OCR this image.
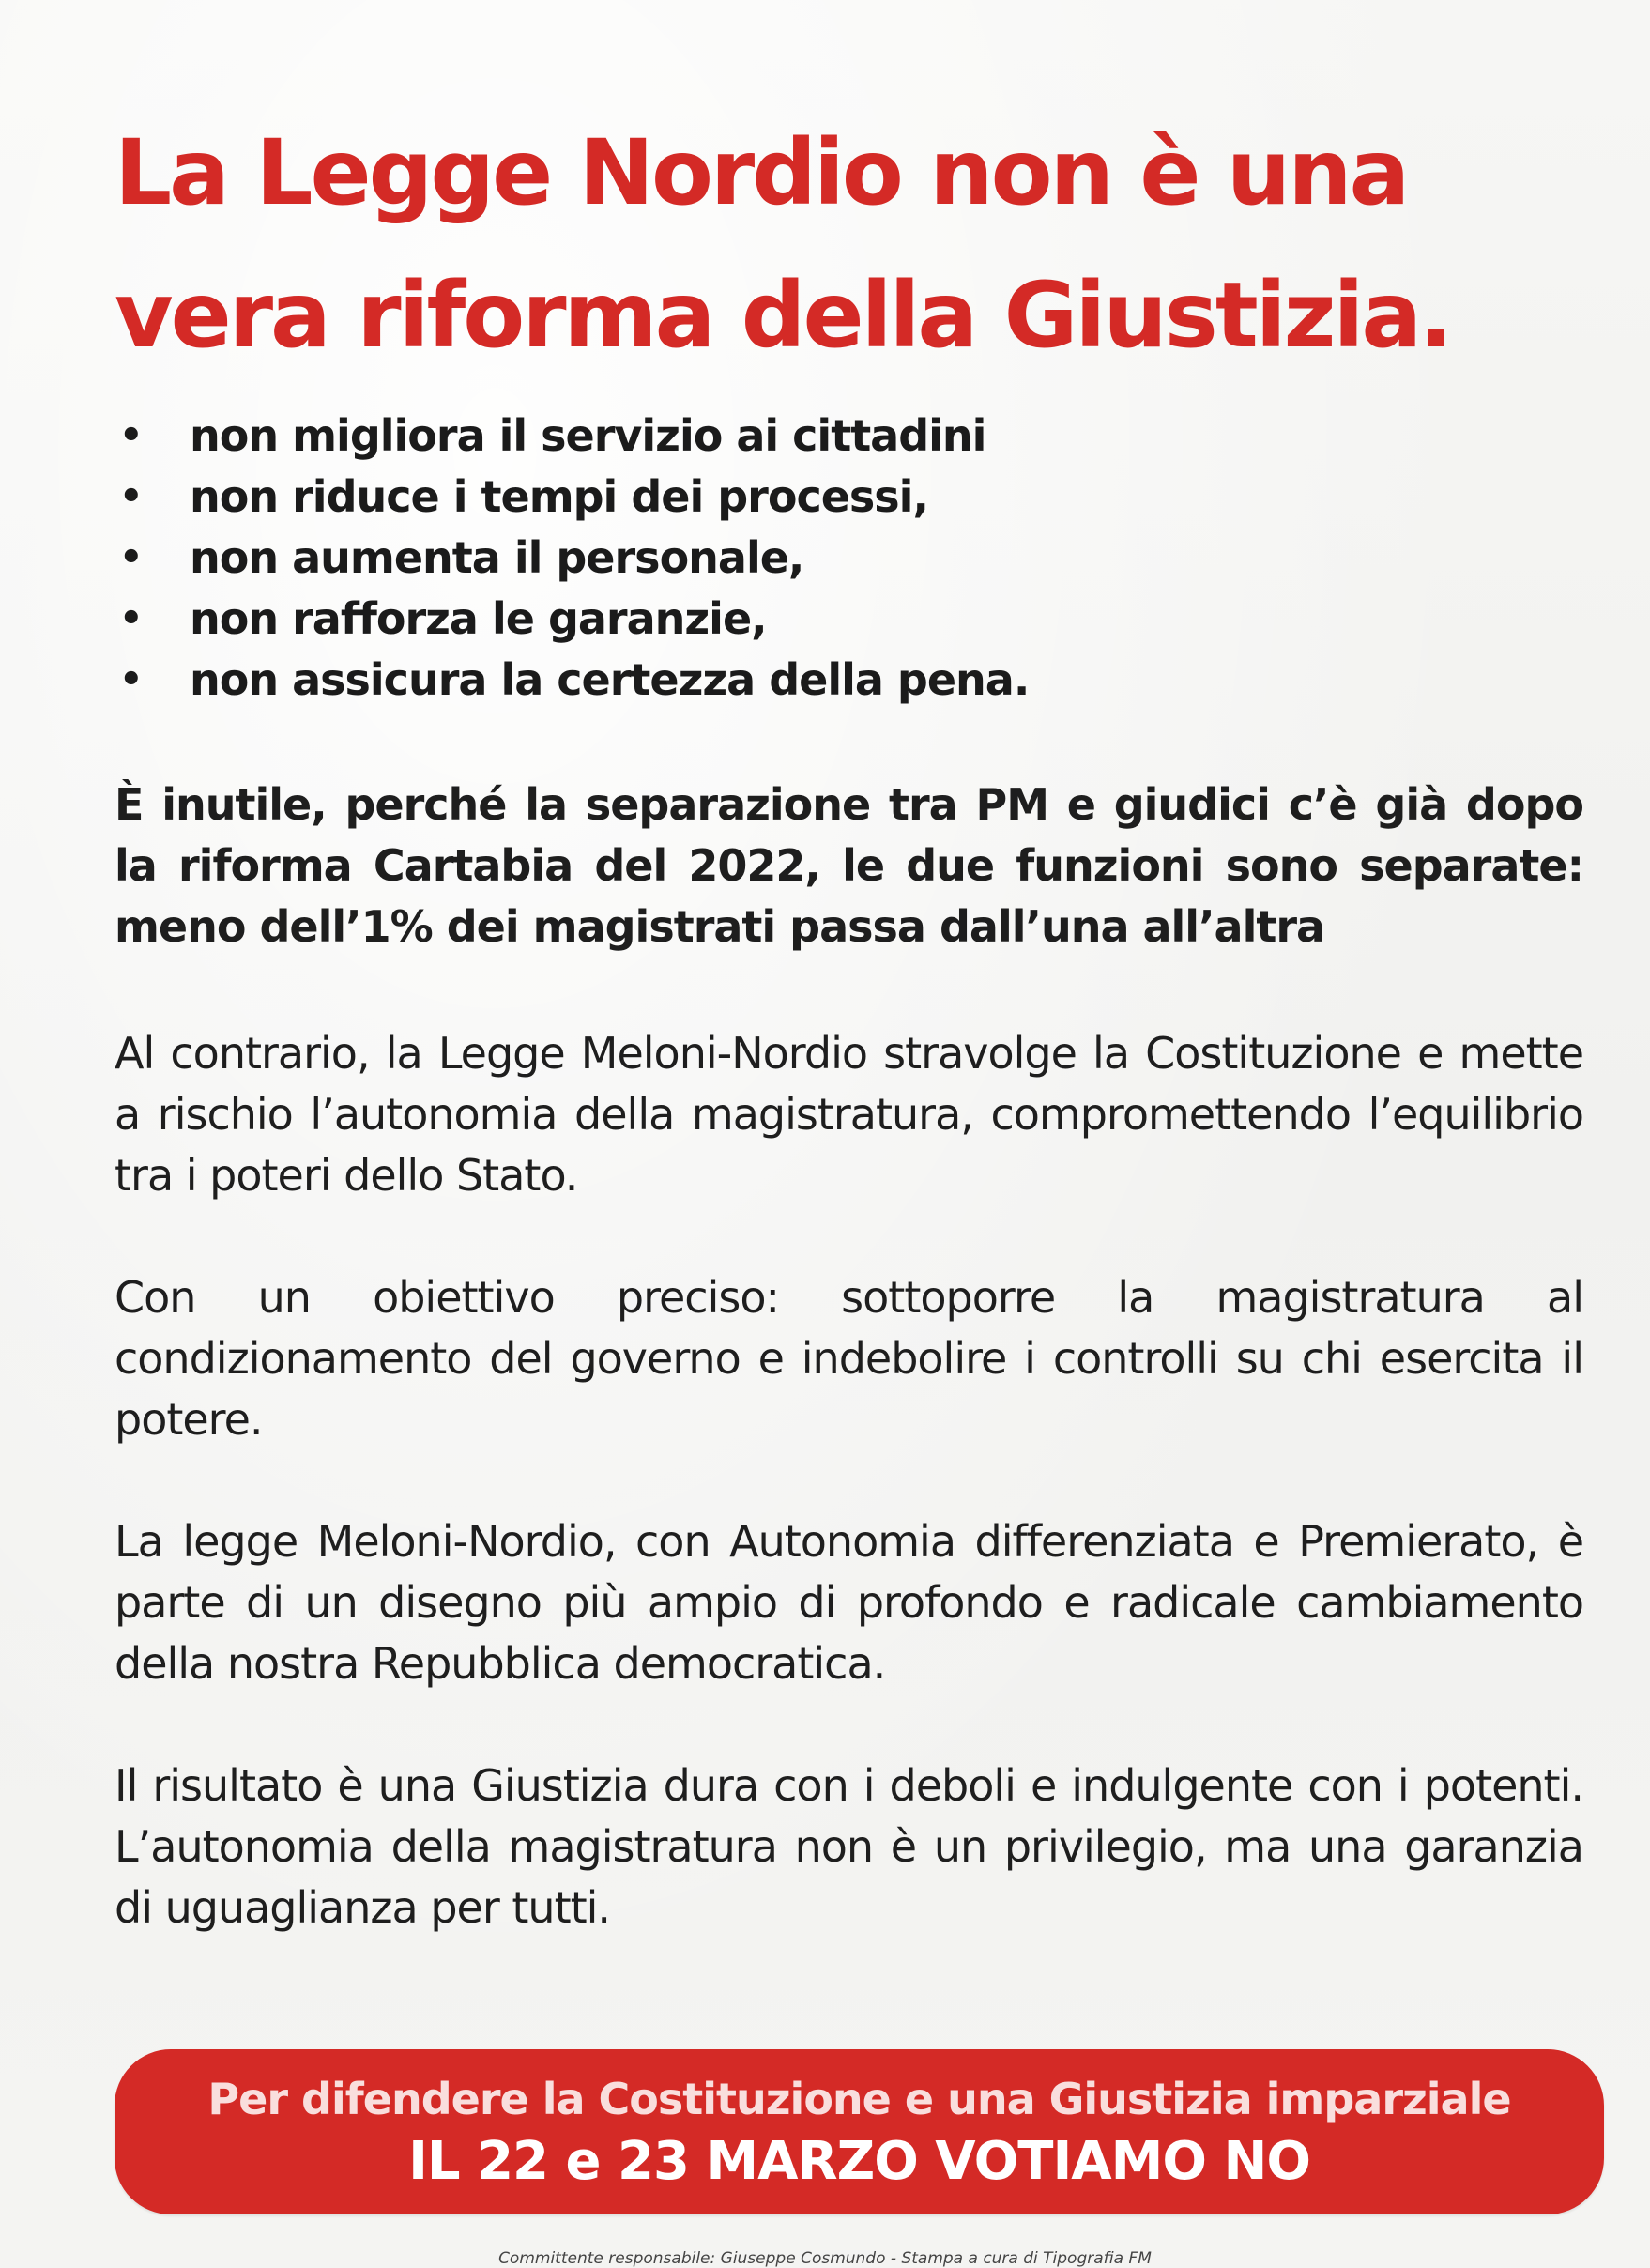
La Legge Nordio non è una
vera riforma della Giustizia.
• non migliora il servizio ai cittadini
• non riduce i tempi dei processi,
• non aumenta il personale,
• non rafforza le garanzie,
• non assicura la certezza della pena.

È inutile, perché la separazione tra PM e giudici c’è già dopo la riforma Cartabia del 2022, le due funzioni sono separate: meno dell’1% dei magistrati passa dall’una all’altra

Al contrario, la Legge Meloni-Nordio stravolge la Costituzione e mette a rischio l’autonomia della magistratura, compromettendo l’equilibrio tra i poteri dello Stato.

Con un obiettivo preciso: sottoporre la magistratura al condizionamento del governo e indebolire i controlli su chi esercita il potere.

La legge Meloni-Nordio, con Autonomia differenziata e Premierato, è parte di un disegno più ampio di profondo e radicale cambiamento della nostra Repubblica democratica.

Il risultato è una Giustizia dura con i deboli e indulgente con i potenti. L’autonomia della magistratura non è un privilegio, ma una garanzia di uguaglianza per tutti.

Per difendere la Costituzione e una Giustizia imparziale
IL 22 e 23 MARZO VOTIAMO NO
Committente responsabile: Giuseppe Cosmundo - Stampa a cura di Tipografia FM
